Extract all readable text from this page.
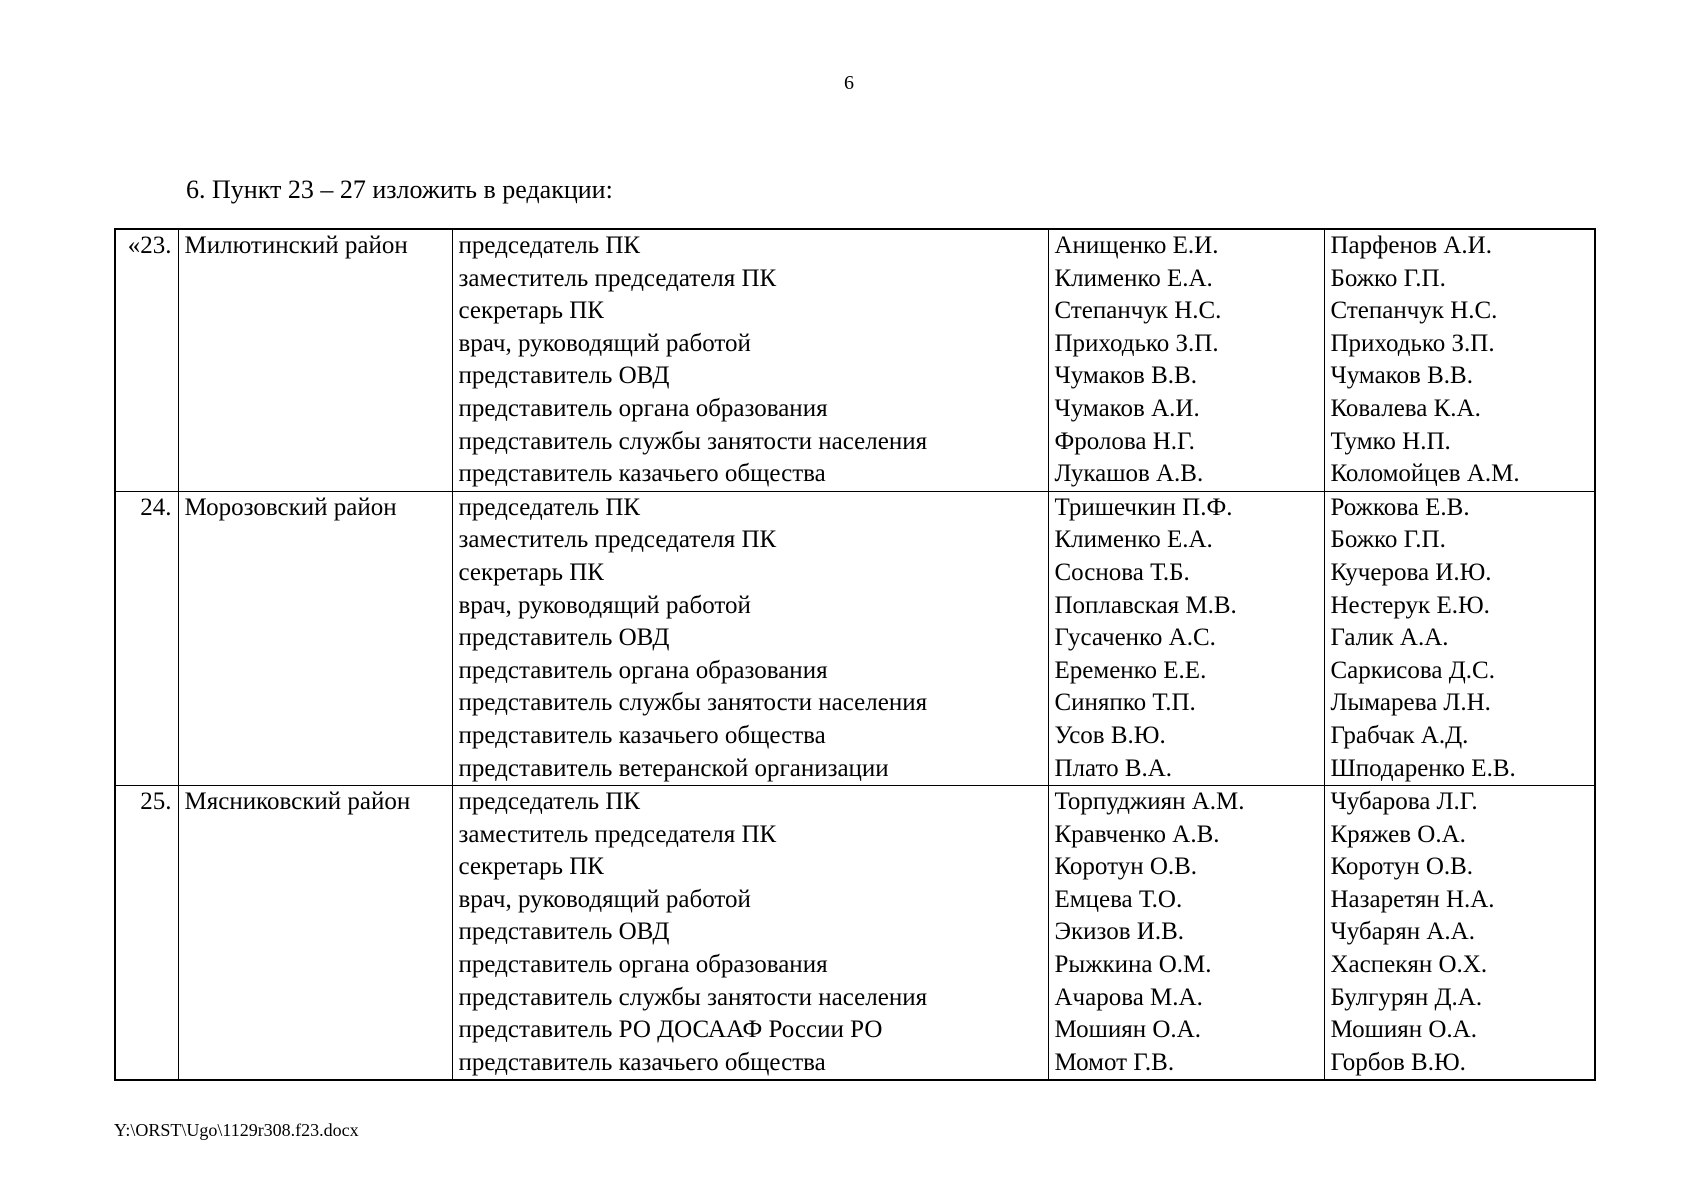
6
6. Пункт 23 – 27 изложить в редакции:
«23.	Милютинский район	председатель ПК	Анищенко Е.И.	Парфенов А.И.
		заместитель председателя ПК	Клименко Е.А.	Божко Г.П.
		секретарь ПК	Степанчук Н.С.	Степанчук Н.С.
		врач, руководящий работой	Приходько З.П.	Приходько З.П.
		представитель ОВД	Чумаков В.В.	Чумаков В.В.
		представитель органа образования	Чумаков А.И.	Ковалева К.А.
		представитель службы занятости населения	Фролова Н.Г.	Тумко Н.П.
		представитель казачьего общества	Лукашов А.В.	Коломойцев А.М.
24.	Морозовский район	председатель ПК	Тришечкин П.Ф.	Рожкова Е.В.
		заместитель председателя ПК	Клименко Е.А.	Божко Г.П.
		секретарь ПК	Соснова Т.Б.	Кучерова И.Ю.
		врач, руководящий работой	Поплавская М.В.	Нестерук Е.Ю.
		представитель ОВД	Гусаченко А.С.	Галик А.А.
		представитель органа образования	Еременко Е.Е.	Саркисова Д.С.
		представитель службы занятости населения	Синяпко Т.П.	Лымарева Л.Н.
		представитель казачьего общества	Усов В.Ю.	Грабчак А.Д.
		представитель ветеранской организации	Плато В.А.	Шподаренко Е.В.
25.	Мясниковский район	председатель ПК	Торпуджиян А.М.	Чубарова Л.Г.
		заместитель председателя ПК	Кравченко А.В.	Кряжев О.А.
		секретарь ПК	Коротун О.В.	Коротун О.В.
		врач, руководящий работой	Емцева Т.О.	Назаретян Н.А.
		представитель ОВД	Экизов И.В.	Чубарян А.А.
		представитель органа образования	Рыжкина О.М.	Хаспекян О.Х.
		представитель службы занятости населения	Ачарова М.А.	Булгурян Д.А.
		представитель РО ДОСААФ России РО	Мошиян О.А.	Мошиян О.А.
		представитель казачьего общества	Момот Г.В.	Горбов В.Ю.
Y:\ORST\Ugo\1129r308.f23.docx
